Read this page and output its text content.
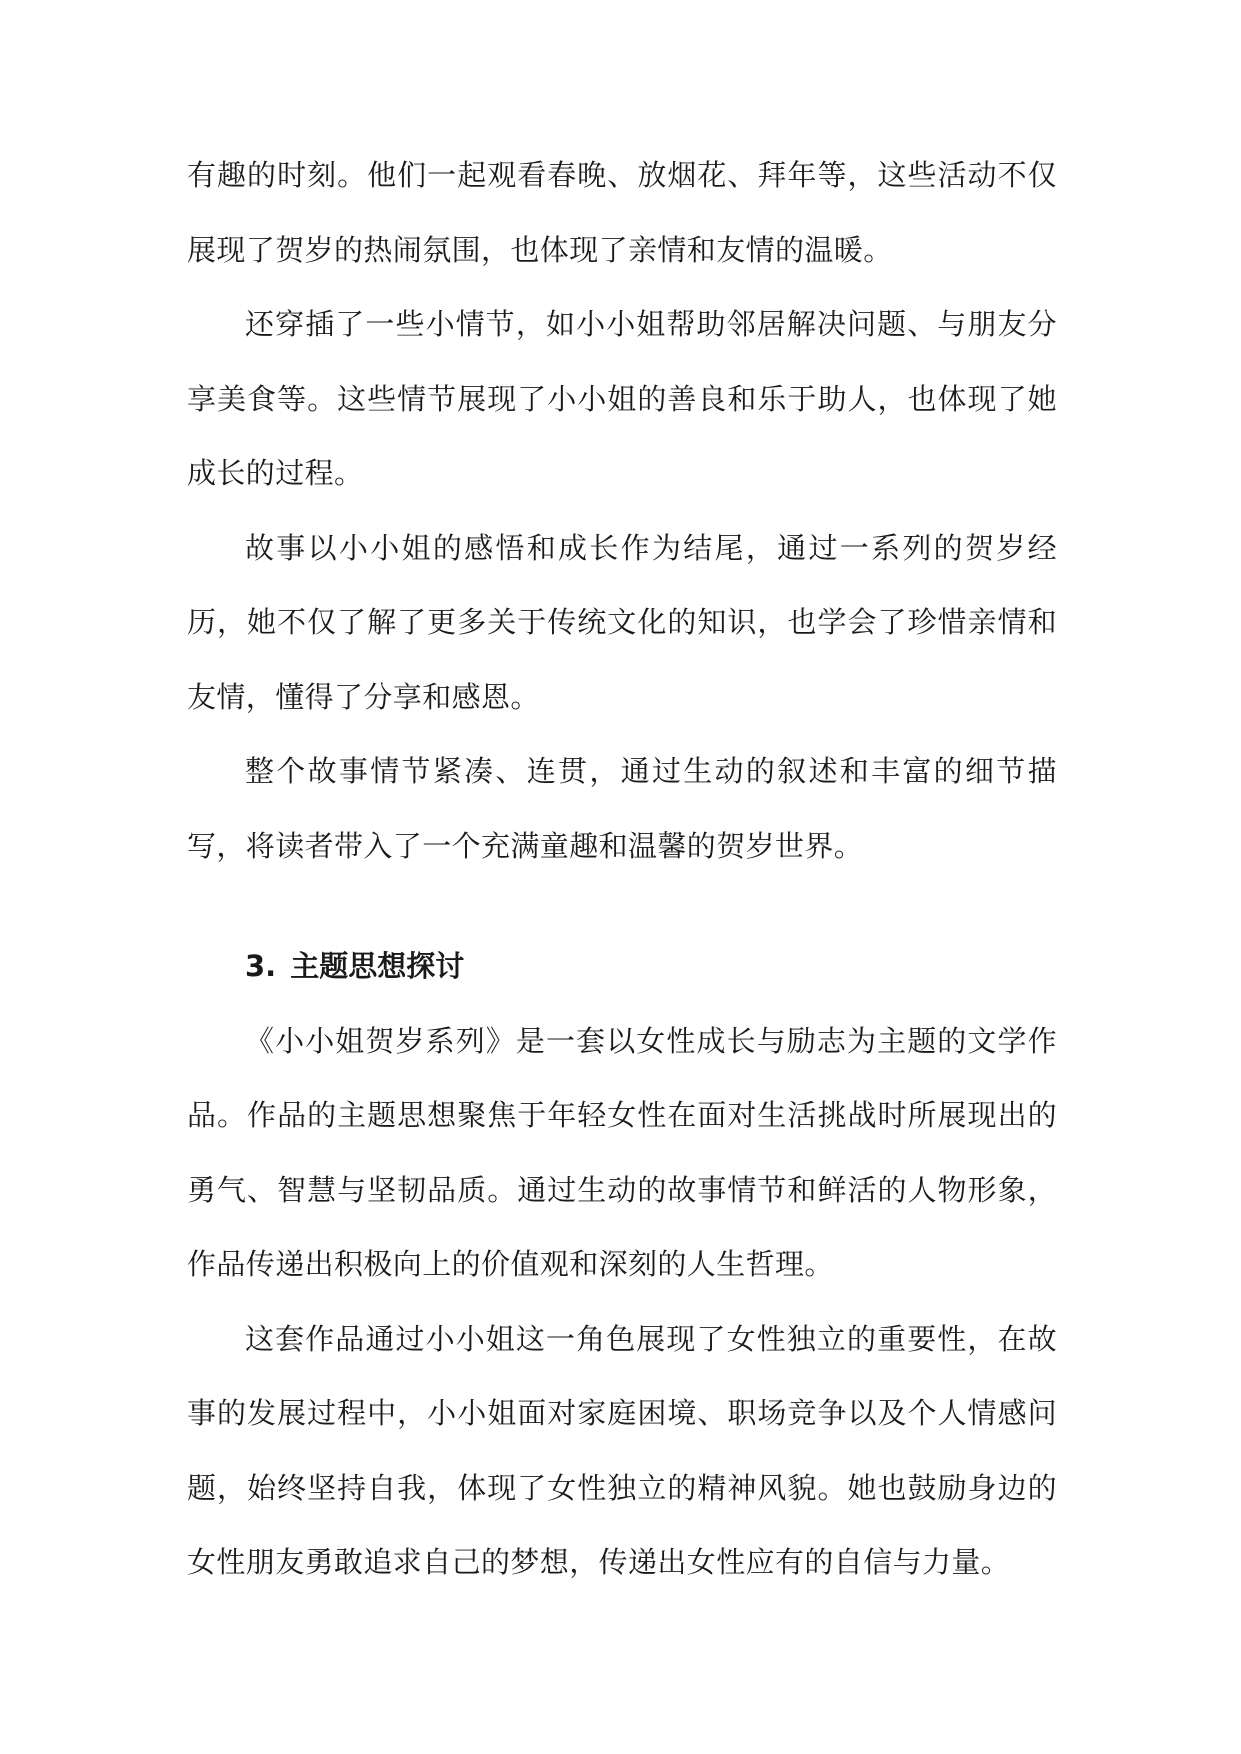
有趣的时刻。他们一起观看春晚、放烟花、拜年等，这些活动不仅展现了贺岁的热闹氛围，也体现了亲情和友情的温暖。

还穿插了一些小情节，如小小姐帮助邻居解决问题、与朋友分享美食等。这些情节展现了小小姐的善良和乐于助人，也体现了她成长的过程。

故事以小小姐的感悟和成长作为结尾，通过一系列的贺岁经历，她不仅了解了更多关于传统文化的知识，也学会了珍惜亲情和友情，懂得了分享和感恩。

整个故事情节紧凑、连贯，通过生动的叙述和丰富的细节描写，将读者带入了一个充满童趣和温馨的贺岁世界。

3. 主题思想探讨

《小小姐贺岁系列》是一套以女性成长与励志为主题的文学作品。作品的主题思想聚焦于年轻女性在面对生活挑战时所展现出的勇气、智慧与坚韧品质。通过生动的故事情节和鲜活的人物形象，作品传递出积极向上的价值观和深刻的人生哲理。

这套作品通过小小姐这一角色展现了女性独立的重要性，在故事的发展过程中，小小姐面对家庭困境、职场竞争以及个人情感问题，始终坚持自我，体现了女性独立的精神风貌。她也鼓励身边的女性朋友勇敢追求自己的梦想，传递出女性应有的自信与力量。
